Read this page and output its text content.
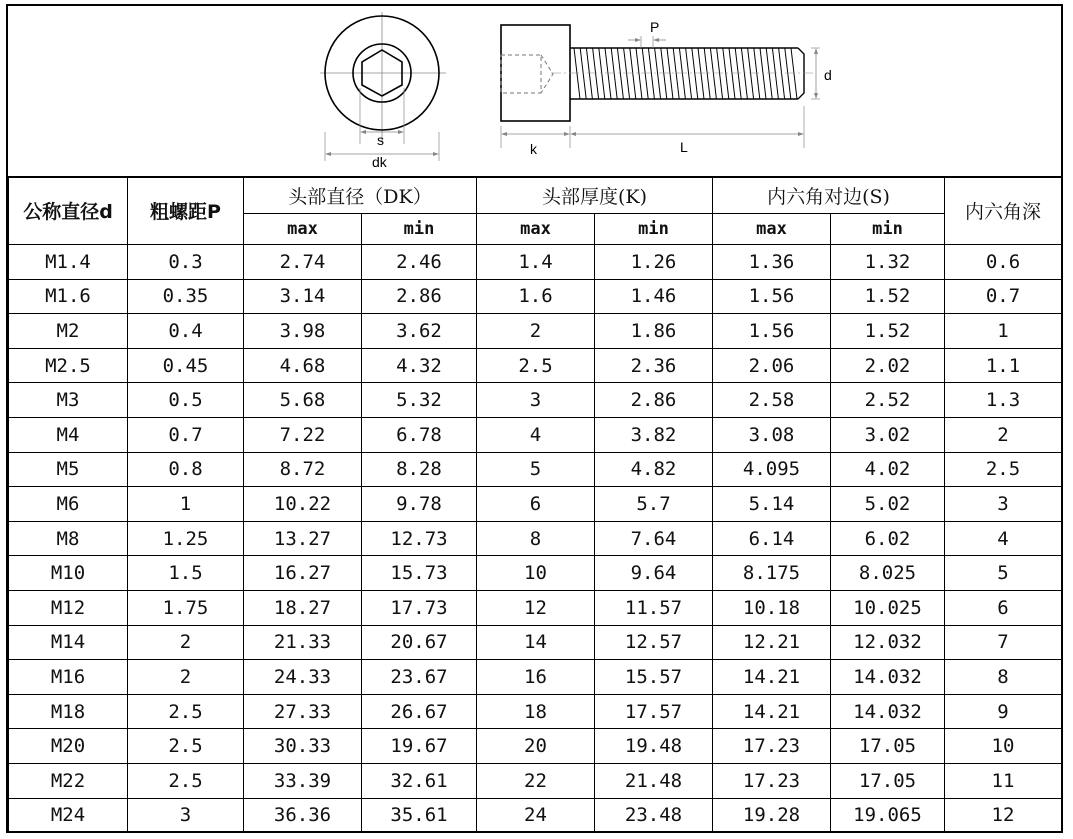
s
dk
P
d
k	L
公称直径d	粗螺距P	头部直径（DK）		头部厚度(K)		内六角对边(S)		内六角深
		max	min	max	min	max	min	
M1.4	0.3	2.74	2.46	1.4	1.26	1.36	1.32	0.6
M1.6	0.35	3.14	2.86	1.6	1.46	1.56	1.52	0.7
M2	0.4	3.98	3.62	2	1.86	1.56	1.52	1
M2.5	0.45	4.68	4.32	2.5	2.36	2.06	2.02	1.1
M3	0.5	5.68	5.32	3	2.86	2.58	2.52	1.3
M4	0.7	7.22	6.78	4	3.82	3.08	3.02	2
M5	0.8	8.72	8.28	5	4.82	4.095	4.02	2.5
M6	1	10.22	9.78	6	5.7	5.14	5.02	3
M8	1.25	13.27	12.73	8	7.64	6.14	6.02	4
M10	1.5	16.27	15.73	10	9.64	8.175	8.025	5
M12	1.75	18.27	17.73	12	11.57	10.18	10.025	6
M14	2	21.33	20.67	14	12.57	12.21	12.032	7
M16	2	24.33	23.67	16	15.57	14.21	14.032	8
M18	2.5	27.33	26.67	18	17.57	14.21	14.032	9
M20	2.5	30.33	19.67	20	19.48	17.23	17.05	10
M22	2.5	33.39	32.61	22	21.48	17.23	17.05	11
M24	3	36.36	35.61	24	23.48	19.28	19.065	12
